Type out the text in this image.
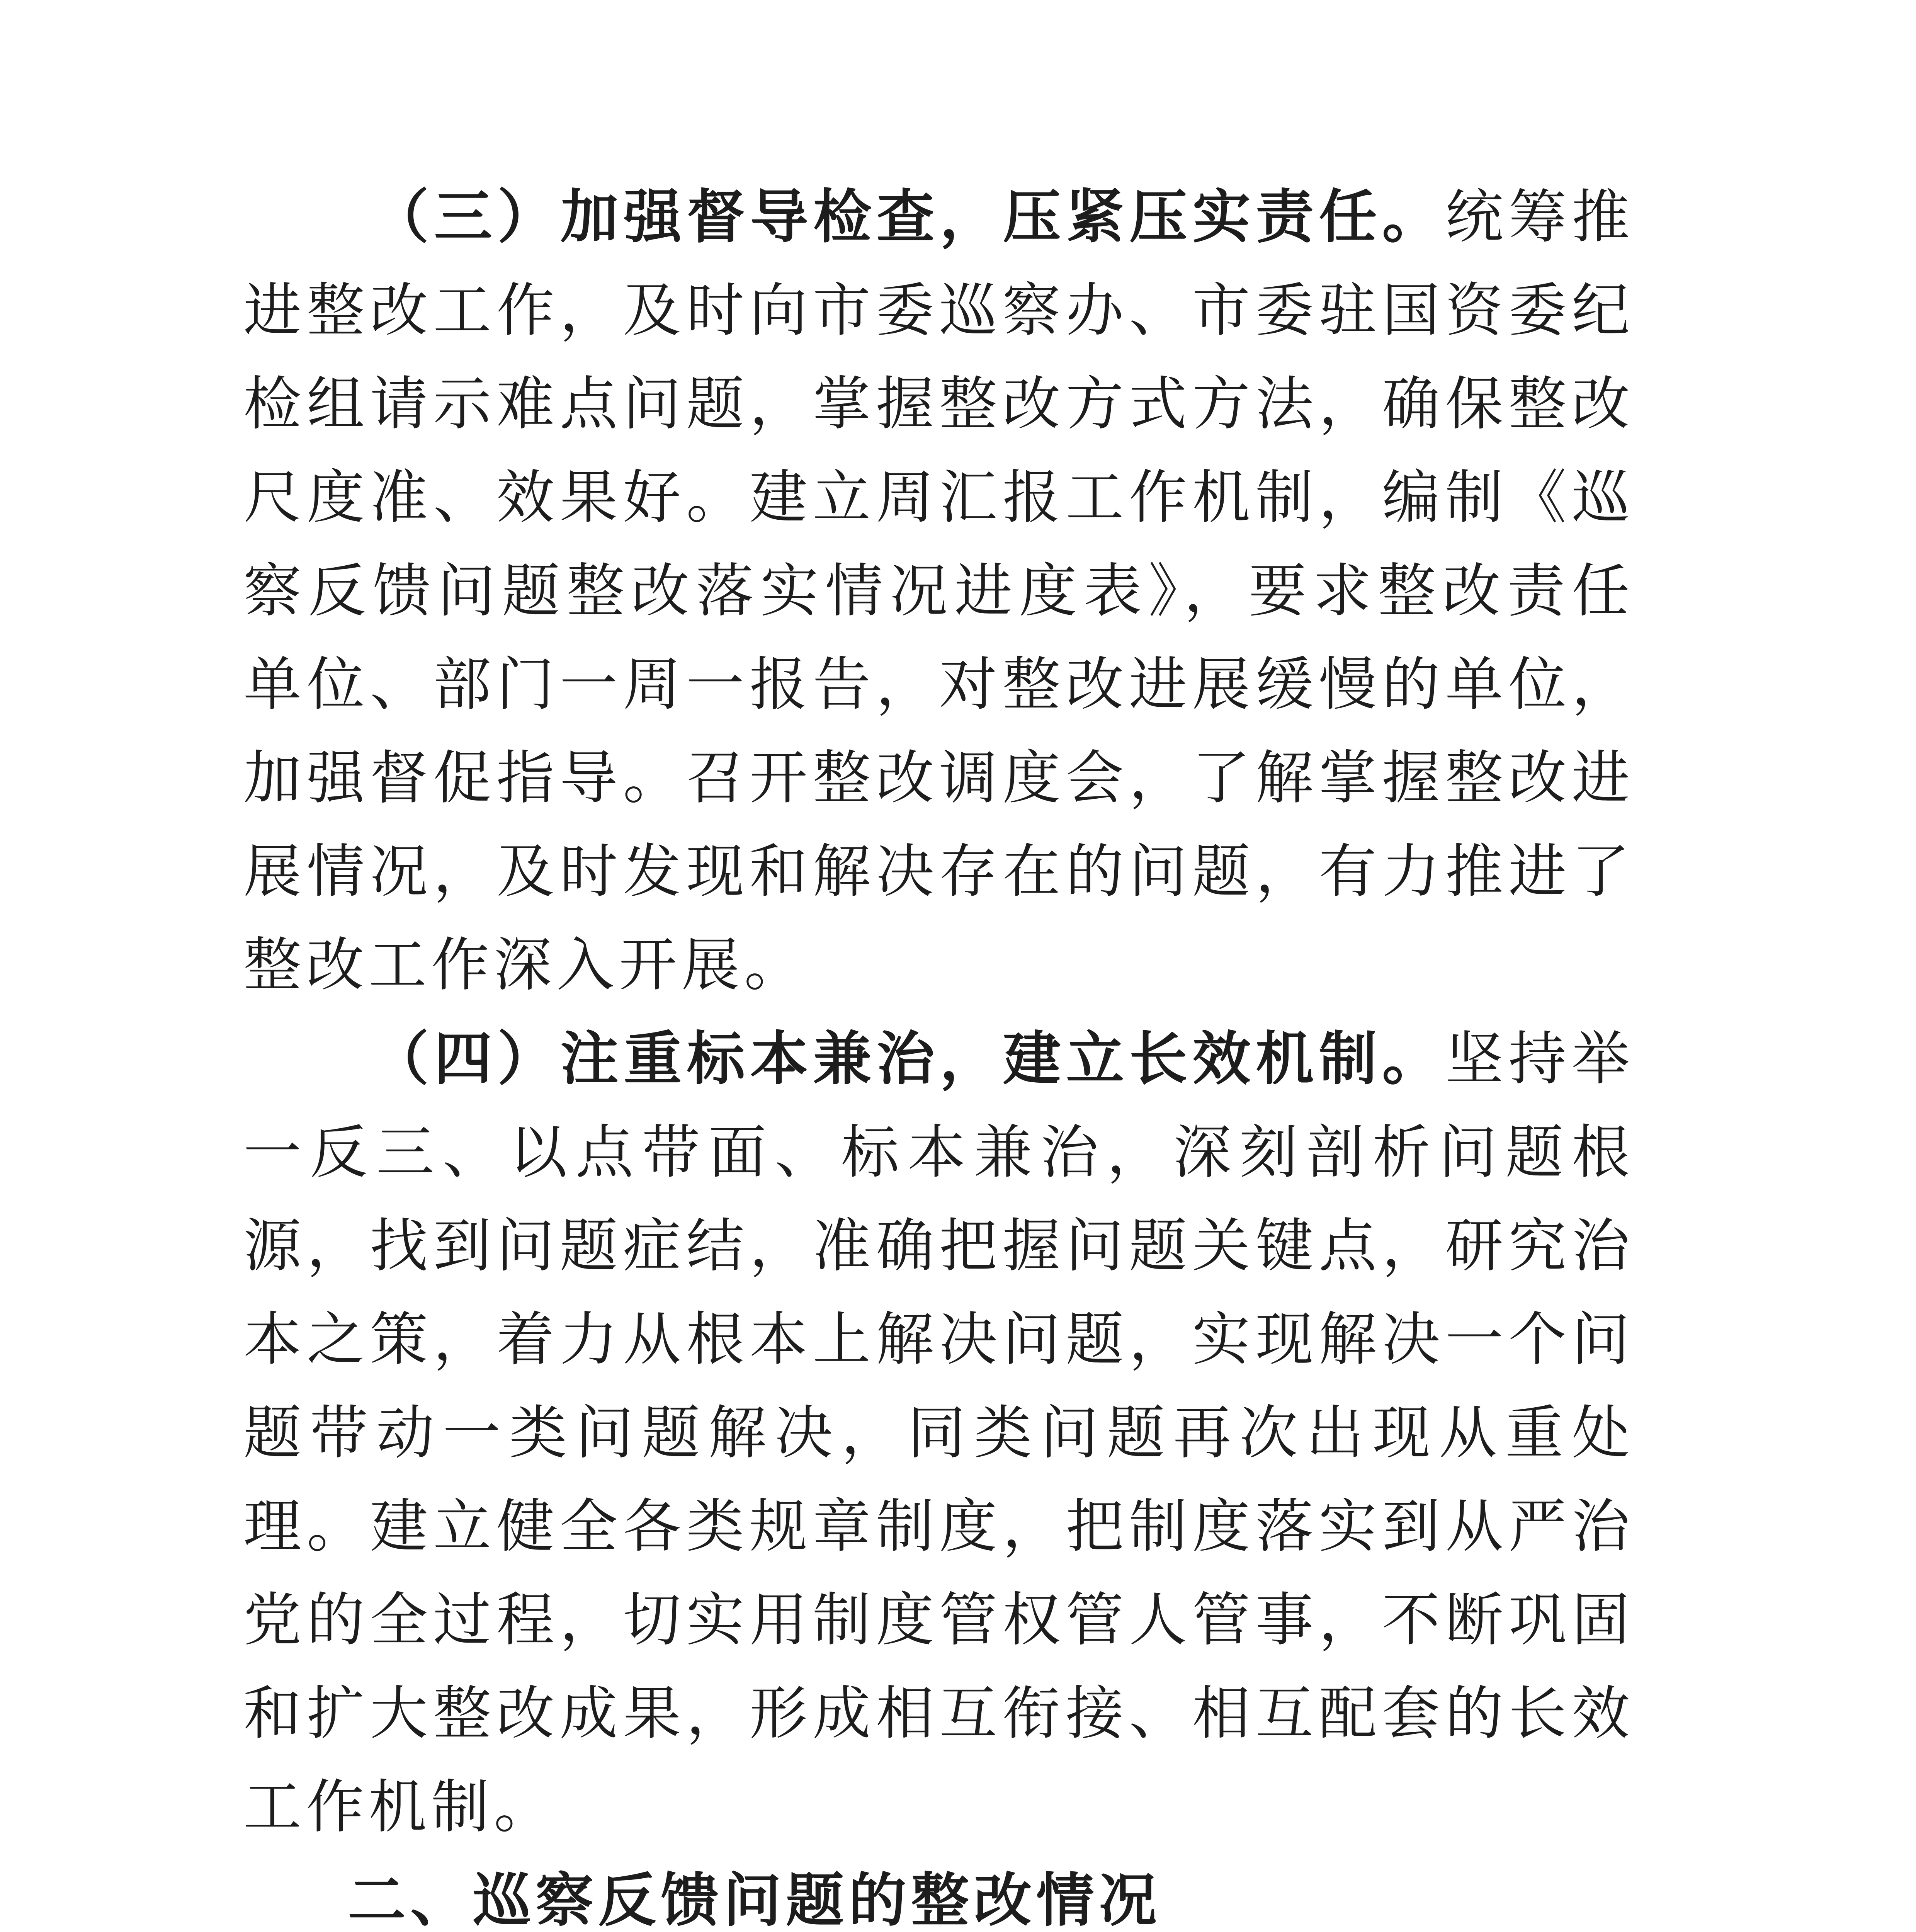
（三）加强督导检查，压紧压实责任。统筹推进整改工作，及时向市委巡察办、市委驻国资委纪检组请示难点问题，掌握整改方式方法，确保整改尺度准、效果好。建立周汇报工作机制，编制《巡察反馈问题整改落实情况进度表》，要求整改责任单位、部门一周一报告，对整改进展缓慢的单位，加强督促指导。召开整改调度会，了解掌握整改进展情况，及时发现和解决存在的问题，有力推进了整改工作深入开展。

（四）注重标本兼治，建立长效机制。坚持举一反三、以点带面、标本兼治，深刻剖析问题根源，找到问题症结，准确把握问题关键点，研究治本之策，着力从根本上解决问题，实现解决一个问题带动一类问题解决，同类问题再次出现从重处理。建立健全各类规章制度，把制度落实到从严治党的全过程，切实用制度管权管人管事，不断巩固和扩大整改成果，形成相互衔接、相互配套的长效工作机制。

二、巡察反馈问题的整改情况
